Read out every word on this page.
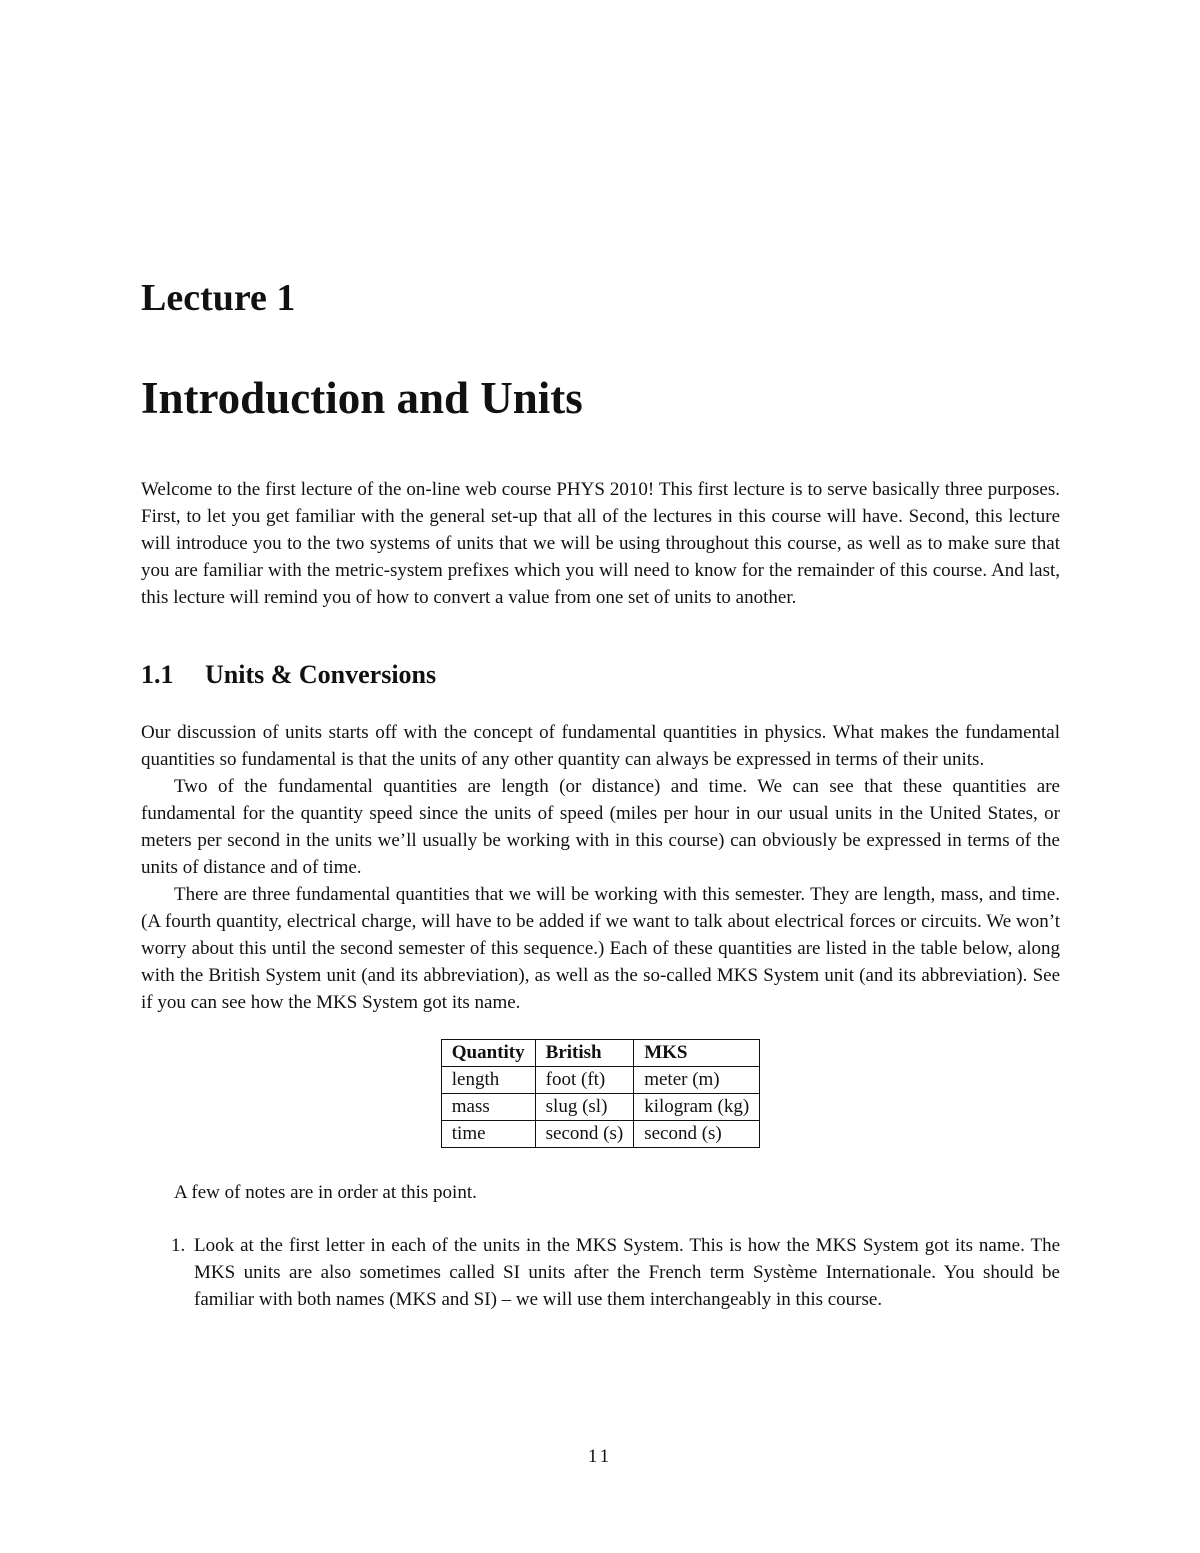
Lecture 1
Introduction and Units

Welcome to the first lecture of the on-line web course PHYS 2010! This first lecture is to serve basically three purposes. First, to let you get familiar with the general set-up that all of the lectures in this course will have. Second, this lecture will introduce you to the two systems of units that we will be using throughout this course, as well as to make sure that you are familiar with the metric-system prefixes which you will need to know for the remainder of this course. And last, this lecture will remind you of how to convert a value from one set of units to another.

1.1 Units & Conversions

Our discussion of units starts off with the concept of fundamental quantities in physics. What makes the fundamental quantities so fundamental is that the units of any other quantity can always be expressed in terms of their units.

Two of the fundamental quantities are length (or distance) and time. We can see that these quantities are fundamental for the quantity speed since the units of speed (miles per hour in our usual units in the United States, or meters per second in the units we’ll usually be working with in this course) can obviously be expressed in terms of the units of distance and of time.

There are three fundamental quantities that we will be working with this semester. They are length, mass, and time. (A fourth quantity, electrical charge, will have to be added if we want to talk about electrical forces or circuits. We won’t worry about this until the second semester of this sequence.) Each of these quantities are listed in the table below, along with the British System unit (and its abbreviation), as well as the so-called MKS System unit (and its abbreviation). See if you can see how the MKS System got its name.

Quantity	British	MKS
length	foot (ft)	meter (m)
mass	slug (sl)	kilogram (kg)
time	second (s)	second (s)

A few of notes are in order at this point.

1. Look at the first letter in each of the units in the MKS System. This is how the MKS System got its name. The MKS units are also sometimes called SI units after the French term Système Internationale. You should be familiar with both names (MKS and SI) – we will use them interchangeably in this course.
11
